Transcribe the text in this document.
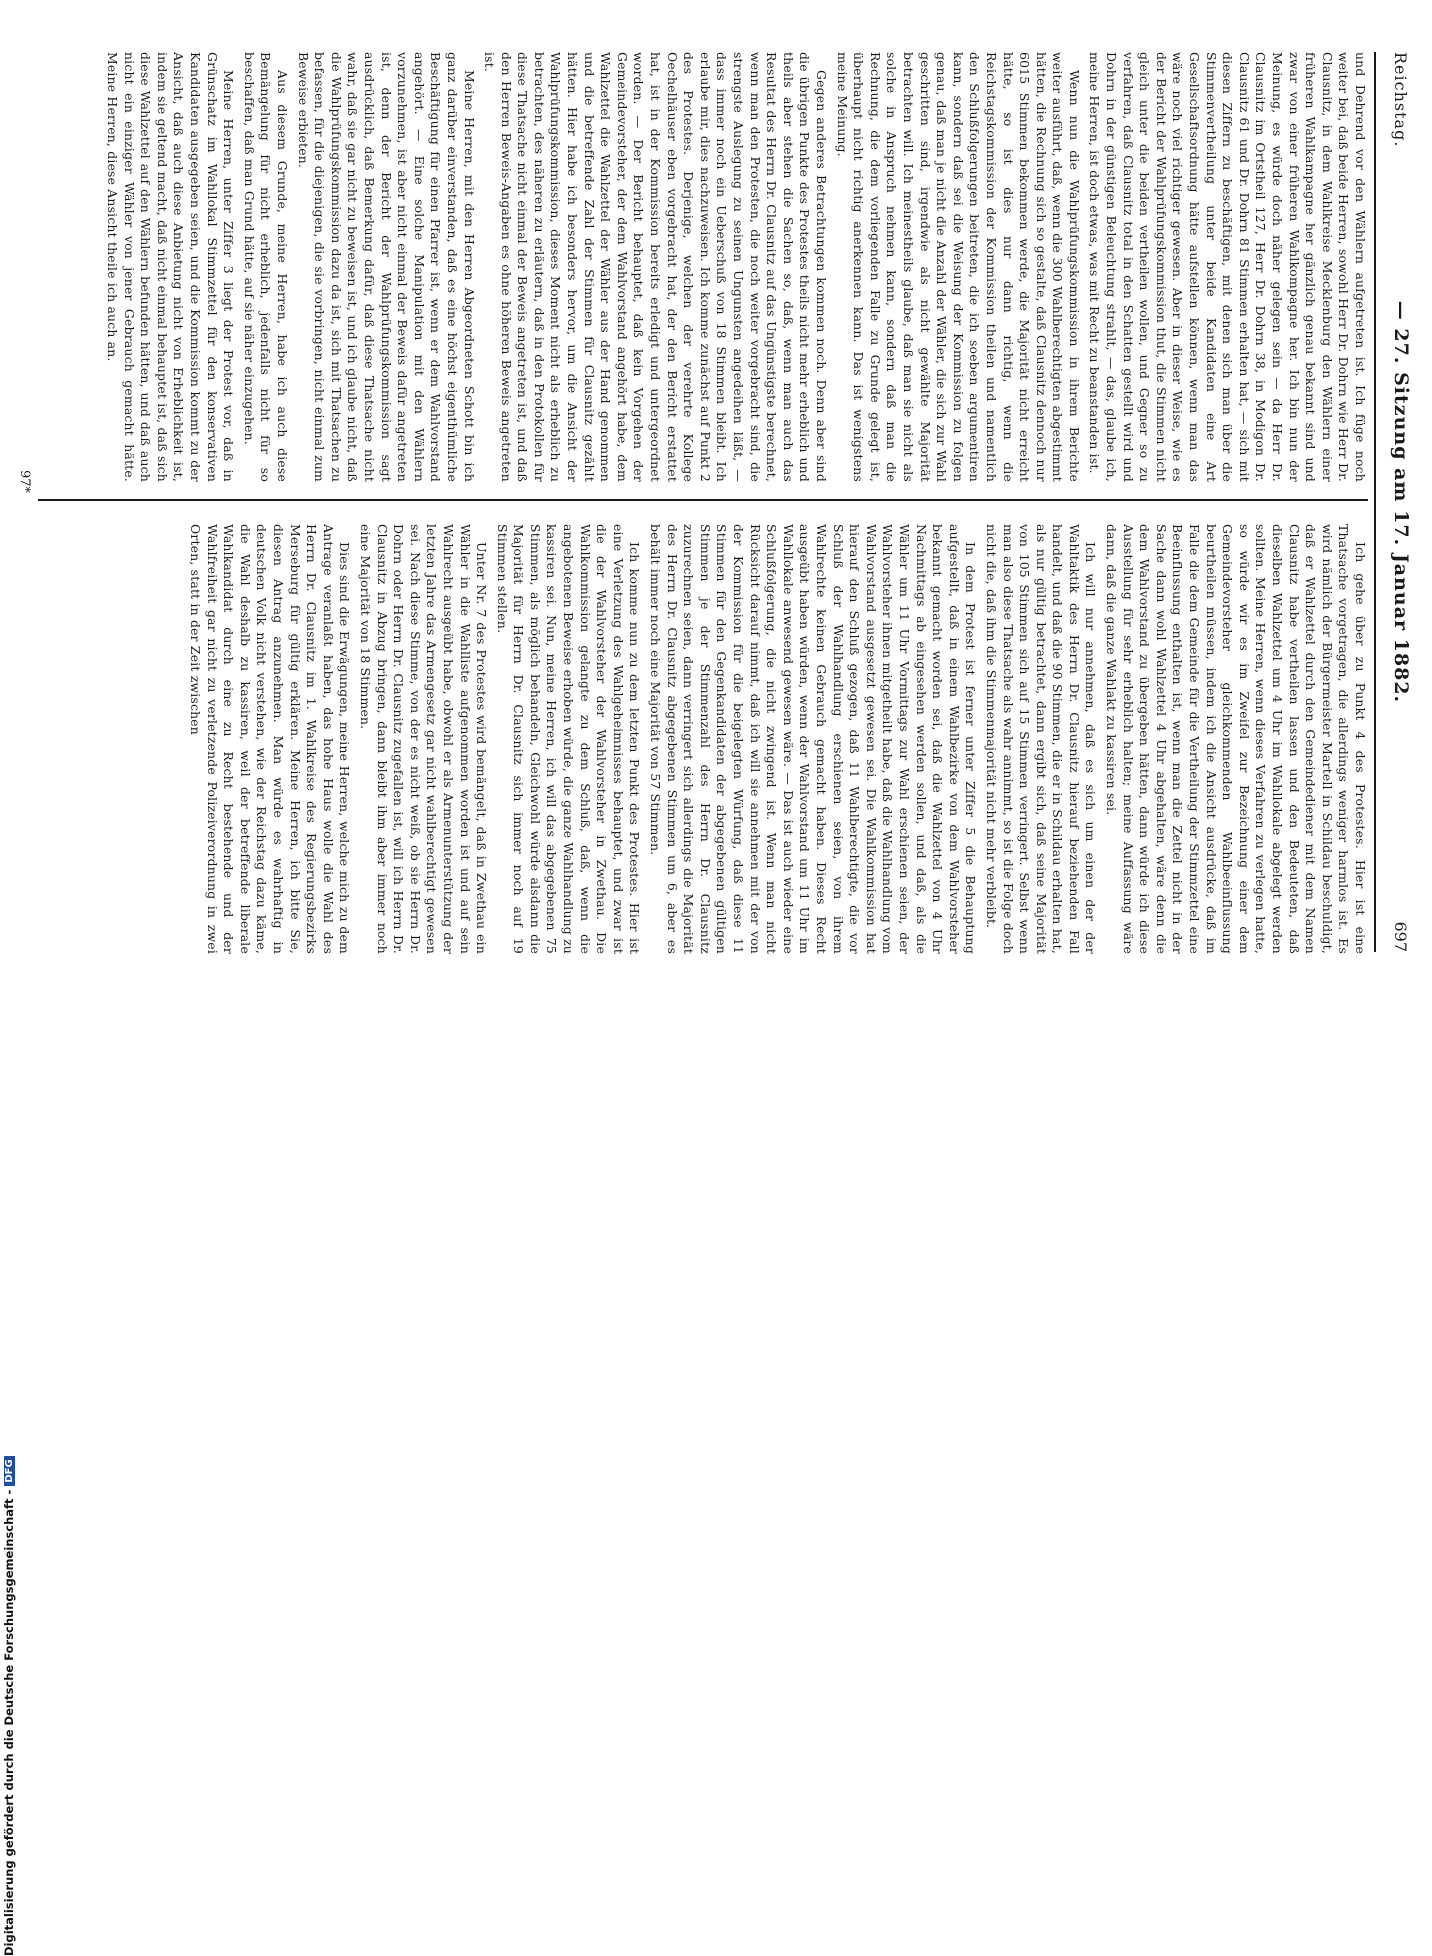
Reichstag.
— 27. Sitzung am 17. Januar 1882.
697

und Dehrend vor den Wählern aufgetreten ist. Ich füge noch weiter bei, daß beide Herren, sowohl Herr Dr. Dohrn wie Herr Dr. Clausnitz, in dem Wahlkreise Mecklenburg den Wählern einer früheren Wahlkampagne her gänzlich genau bekannt sind und zwar von einer früheren Wahlkompagne her. Ich bin nun der Meinung, es würde doch näher gelegen sein — da Herr Dr. Clausnitz im Ortstheil 127, Herr Dr. Dohrn 38, in Modigon Dr. Clausnitz 61 und Dr. Dohrn 81 Stimmen erhalten hat, — sich mit diesen Ziffern zu beschäftigen, mit denen sich man über die Stimmenvertheilung unter beide Kandidaten eine Art Gesellschaftsordnung hätte aufstellen können, wenn man das wäre noch viel richtiger gewesen. Aber in dieser Weise, wie es der Bericht der Wahlprüfungskommission thut, die Stimmen nicht gleich unter die beiden vertheilen wollen, und Gegner so zu verfahren, daß Clausnitz total in den Schatten gestellt wird und Dohrn in der günstigen Beleuchtung strahlt, — das, glaube ich, meine Herren, ist doch etwas, was mit Recht zu beanstanden ist.

Wenn nun die Wahlprüfungskommission in ihrem Berichte weiter ausführt, daß, wenn die 300 Wahlberechtigten abgestimmt hätten, die Rechnung sich so gestalte, daß Clausnitz dennoch nur 6015 Stimmen bekommen werde, die Majorität nicht erreicht hätte, so ist dies nur dann richtig, wenn die Reichstagskommission der Kommission theilen und namentlich den Schlußfolgerungen beitreten, die ich soeben argumentiren kann, sondern daß sei die Weisung der Kommission zu folgen genau, daß man je nicht die Anzahl der Wähler, die sich zur Wahl geschritten sind, irgendwie als nicht gewählte Majorität betrachten will. Ich meinestheils glaube, daß man sie nicht als solche in Anspruch nehmen kann, sondern daß man die Rechnung, die dem vorliegenden Falle zu Grunde gelegt ist, überhaupt nicht richtig anerkennen kann. Das ist wenigstens meine Meinung.

Gegen anderes Betrachtungen kommen noch. Denn aber sind die übrigen Punkte des Protestes theils nicht mehr erheblich und theils aber stehen die Sachen so, daß, wenn man auch das Resultat des Herrn Dr. Clausnitz auf das Ungünstigste berechnet, wenn man den Protesten, die noch weiter vorgebracht sind, die strengste Auslegung zu seinen Ungunsten angedeihen läßt, — dass immer noch ein Ueberschuß von 18 Stimmen bleibt. Ich erlaube mir, dies nachzuweisen. Ich komme zunächst auf Punkt 2 des Protestes. Derjenige, welchen der verehrte Kollege Oechelhäuser eben vorgebracht hat, der den Bericht erstattet hat, ist in der Kommission bereits erledigt und untergeordnet worden. — Der Bericht behauptet, daß kein Vorgehen der Gemeindevorsteher, der dem Wahlvorstand angehört habe, dem Wahlzettel die Wahlzettel der Wähler aus der Hand genommen und die betreffende Zahl der Stimmen für Clausnitz gezählt hätten. Hier habe ich besonders hervor, um die Ansicht der Wahlprüfungskommission, dieses Moment nicht als erheblich zu betrachten, des näheren zu erläutern, daß in den Protokollen für diese Thatsache nicht einmal der Beweis angetreten ist, und daß den Herren Beweis-Angaben es ohne höheren Beweis angetreten ist.

Meine Herren, mit den Herren Abgeordneten Schott bin ich ganz darüber einverstanden, daß es eine höchst eigenthümliche Beschäftigung für einen Pfarrer ist, wenn er dem Wahlvorstand angehört. — Eine solche Manipulation mit den Wählern vorzunehmen, ist aber nicht einmal der Beweis dafür angetreten ist, denn der Bericht der Wahlprüfungskommission sagt ausdrücklich, daß Bemerkung dafür, daß diese Thatsache nicht wahr, daß sie gar nicht zu beweisen ist, und ich glaube nicht, daß die Wahlprüfungskommission dazu da ist, sich mit Thatsachen zu befassen, für die diejenigen, die sie vorbringen, nicht einmal zum Beweise erbieten.

Aus diesem Grunde, meine Herren, habe ich auch diese Bemängelung für nicht erheblich, jedenfalls nicht für so beschaffen, daß man Grund hätte, auf sie näher einzugehen.

Meine Herren, unter Ziffer 3 liegt der Protest vor, daß in Grünschatz im Wahllokal Stimmzettel für den konservativen Kandidaten ausgegeben seien, und die Kommission kommt zu der Ansicht, daß auch diese Anbietung nicht von Erheblichkeit ist, indem sie geltend macht, daß nicht einmal behauptet ist, daß sich diese Wahlzettel auf den Wählern befunden hätten, und daß auch nicht ein einziger Wähler von jener Gebrauch gemacht hätte. Meine Herren, diese Ansicht theile ich auch an.

Ich gehe über zu Punkt 4 des Protestes. Hier ist eine Thatsache vorgetragen, die allerdings weniger harmlos ist. Es wird nämlich der Bürgermeister Martell in Schildau beschuldigt, daß er Wahlzettel durch den Gemeindediener mit dem Namen Clausnitz habe vertheilen lassen und den Bedeuteten, daß dieselben Wahlzettel um 4 Uhr im Wahllokale abgelegt werden sollten. Meine Herren, wenn dieses Verfahren zu verlegen hatte, so würde wir es im Zweifel zur Bezeichnung einer dem Gemeindevorsteher gleichkommenden Wahlbeeinflussung beurtheilen müssen, indem ich die Ansicht ausdrücke, daß im Falle die dem Gemeinde für die Vertheilung der Stimmzettel eine Beeinflussung enthalten ist, wenn man die Zettel nicht in der Sache dann wohl Wahlzettel 4 Uhr abgehalten, wäre denn die dem Wahlvorstand zu übergeben hätten, dann würde ich diese Ausstellung für sehr erheblich halten; meine Auffassung wäre dann, daß die ganze Wahlakt zu kassiren sei.

Ich will nur annehmen, daß es sich um einen der der Wahltaktik des Herrn Dr. Clausnitz hierauf beziehenden Fall handelt, und daß die 90 Stimmen, die er in Schildau erhalten hat, als nur gültig betrachtet, dann ergibt sich, daß seine Majorität von 105 Stimmen sich auf 15 Stimmen verringert. Selbst wenn man also diese Thatsache als wahr annimmt, so ist die Folge doch nicht die, daß ihm die Stimmenmajorität nicht mehr verbleibt.

In dem Protest ist ferner unter Ziffer 5 die Behauptung aufgestellt, daß in einem Wahlbezirke von dem Wahlvorsteher bekannt gemacht worden sei, daß die Wahlzettel von 4 Uhr Nachmittags ab eingesehen werden sollen, und daß, als die Wähler um 11 Uhr Vormittags zur Wahl erschienen seien, der Wahlvorsteher ihnen mitgetheilt habe, daß die Wahlhandlung vom Wahlvorstand ausgesetzt gewesen sei. Die Wahlkommission hat hierauf den Schluß gezogen, daß 11 Wahlberechtigte, die vor Schluß der Wahlhandlung erschienen seien, von ihrem Wahlrechte keinen Gebrauch gemacht haben. Dieses Recht ausgeübt haben würden, wenn der Wahlvorstand um 11 Uhr im Wahllokale anwesend gewesen wäre. — Das ist auch wieder eine Schlußfolgerung, die nicht zwingend ist. Wenn man nicht Rücksicht darauf nimmt, daß ich will sie annehmen mit der von der Kommission für die beigelegten Würfung, daß diese 11 Stimmen für den Gegenkandidaten der abgegebenen gültigen Stimmen je der Stimmenzahl des Herrn Dr. Clausnitz zuzurechnen seien, dann verringert sich allerdings die Majorität des Herrn Dr. Clausnitz abgegebenen Stimmen um 6, aber es behält immer noch eine Majorität von 57 Stimmen.

Ich komme nun zu dem letzten Punkt des Protestes. Hier ist eine Verletzung des Wahlgeheimnisses behauptet, und zwar ist die der Wahlvorsteher der Wahlvorsteher in Zwethau. Die Wahlkommission gelangte zu dem Schluß, daß, wenn die angebotenen Beweise erhoben würde, die ganze Wahlhandlung zu kassiren sei. Nun, meine Herren, ich will das abgegebenen 75 Stimmen, als möglich behandeln, Gleichwohl würde alsdann die Majorität für Herrn Dr. Clausnitz sich immer noch auf 19 Stimmen stellen.

Unter Nr. 7 des Protestes wird bemängelt, daß in Zwethau ein Wähler in die Wahlliste aufgenommen worden ist und auf sein Wahlrecht ausgeübt habe, obwohl er als Armenunterstützung der letzten Jahre das Armengesetz gar nicht wahlberechtigt gewesen sei. Nach diese Stimme, von der es nicht weiß, ob sie Herrn Dr. Dohrn oder Herrn Dr. Clausnitz zugefallen ist, will ich Herrn Dr. Clausnitz in Abzug bringen, dann bleibt ihm aber immer noch eine Majorität von 18 Stimmen.

Dies sind die Erwägungen, meine Herren, welche mich zu dem Antrage veranlaßt haben, das hohe Haus wolle die Wahl des Herrn Dr. Clausnitz im 1. Wahlkreise des Regierungsbezirks Merseburg für gültig erklären. Meine Herren, ich bitte Sie, diesen Antrag anzunehmen. Man würde es wahrhaftig in deutschen Volk nicht verstehen, wie der Reichstag dazu käme, die Wahl deshalb zu kassiren, weil der betreffende liberale Wahlkandidat durch eine zu Recht bestehende und der Wahlfreiheit gar nicht zu verletzende Polizeiverordnung in zwei Orten, statt in der Zeit zwischen

97*
Digitalisierung gefördert durch die Deutsche Forschungsgemeinschaft -DFG
